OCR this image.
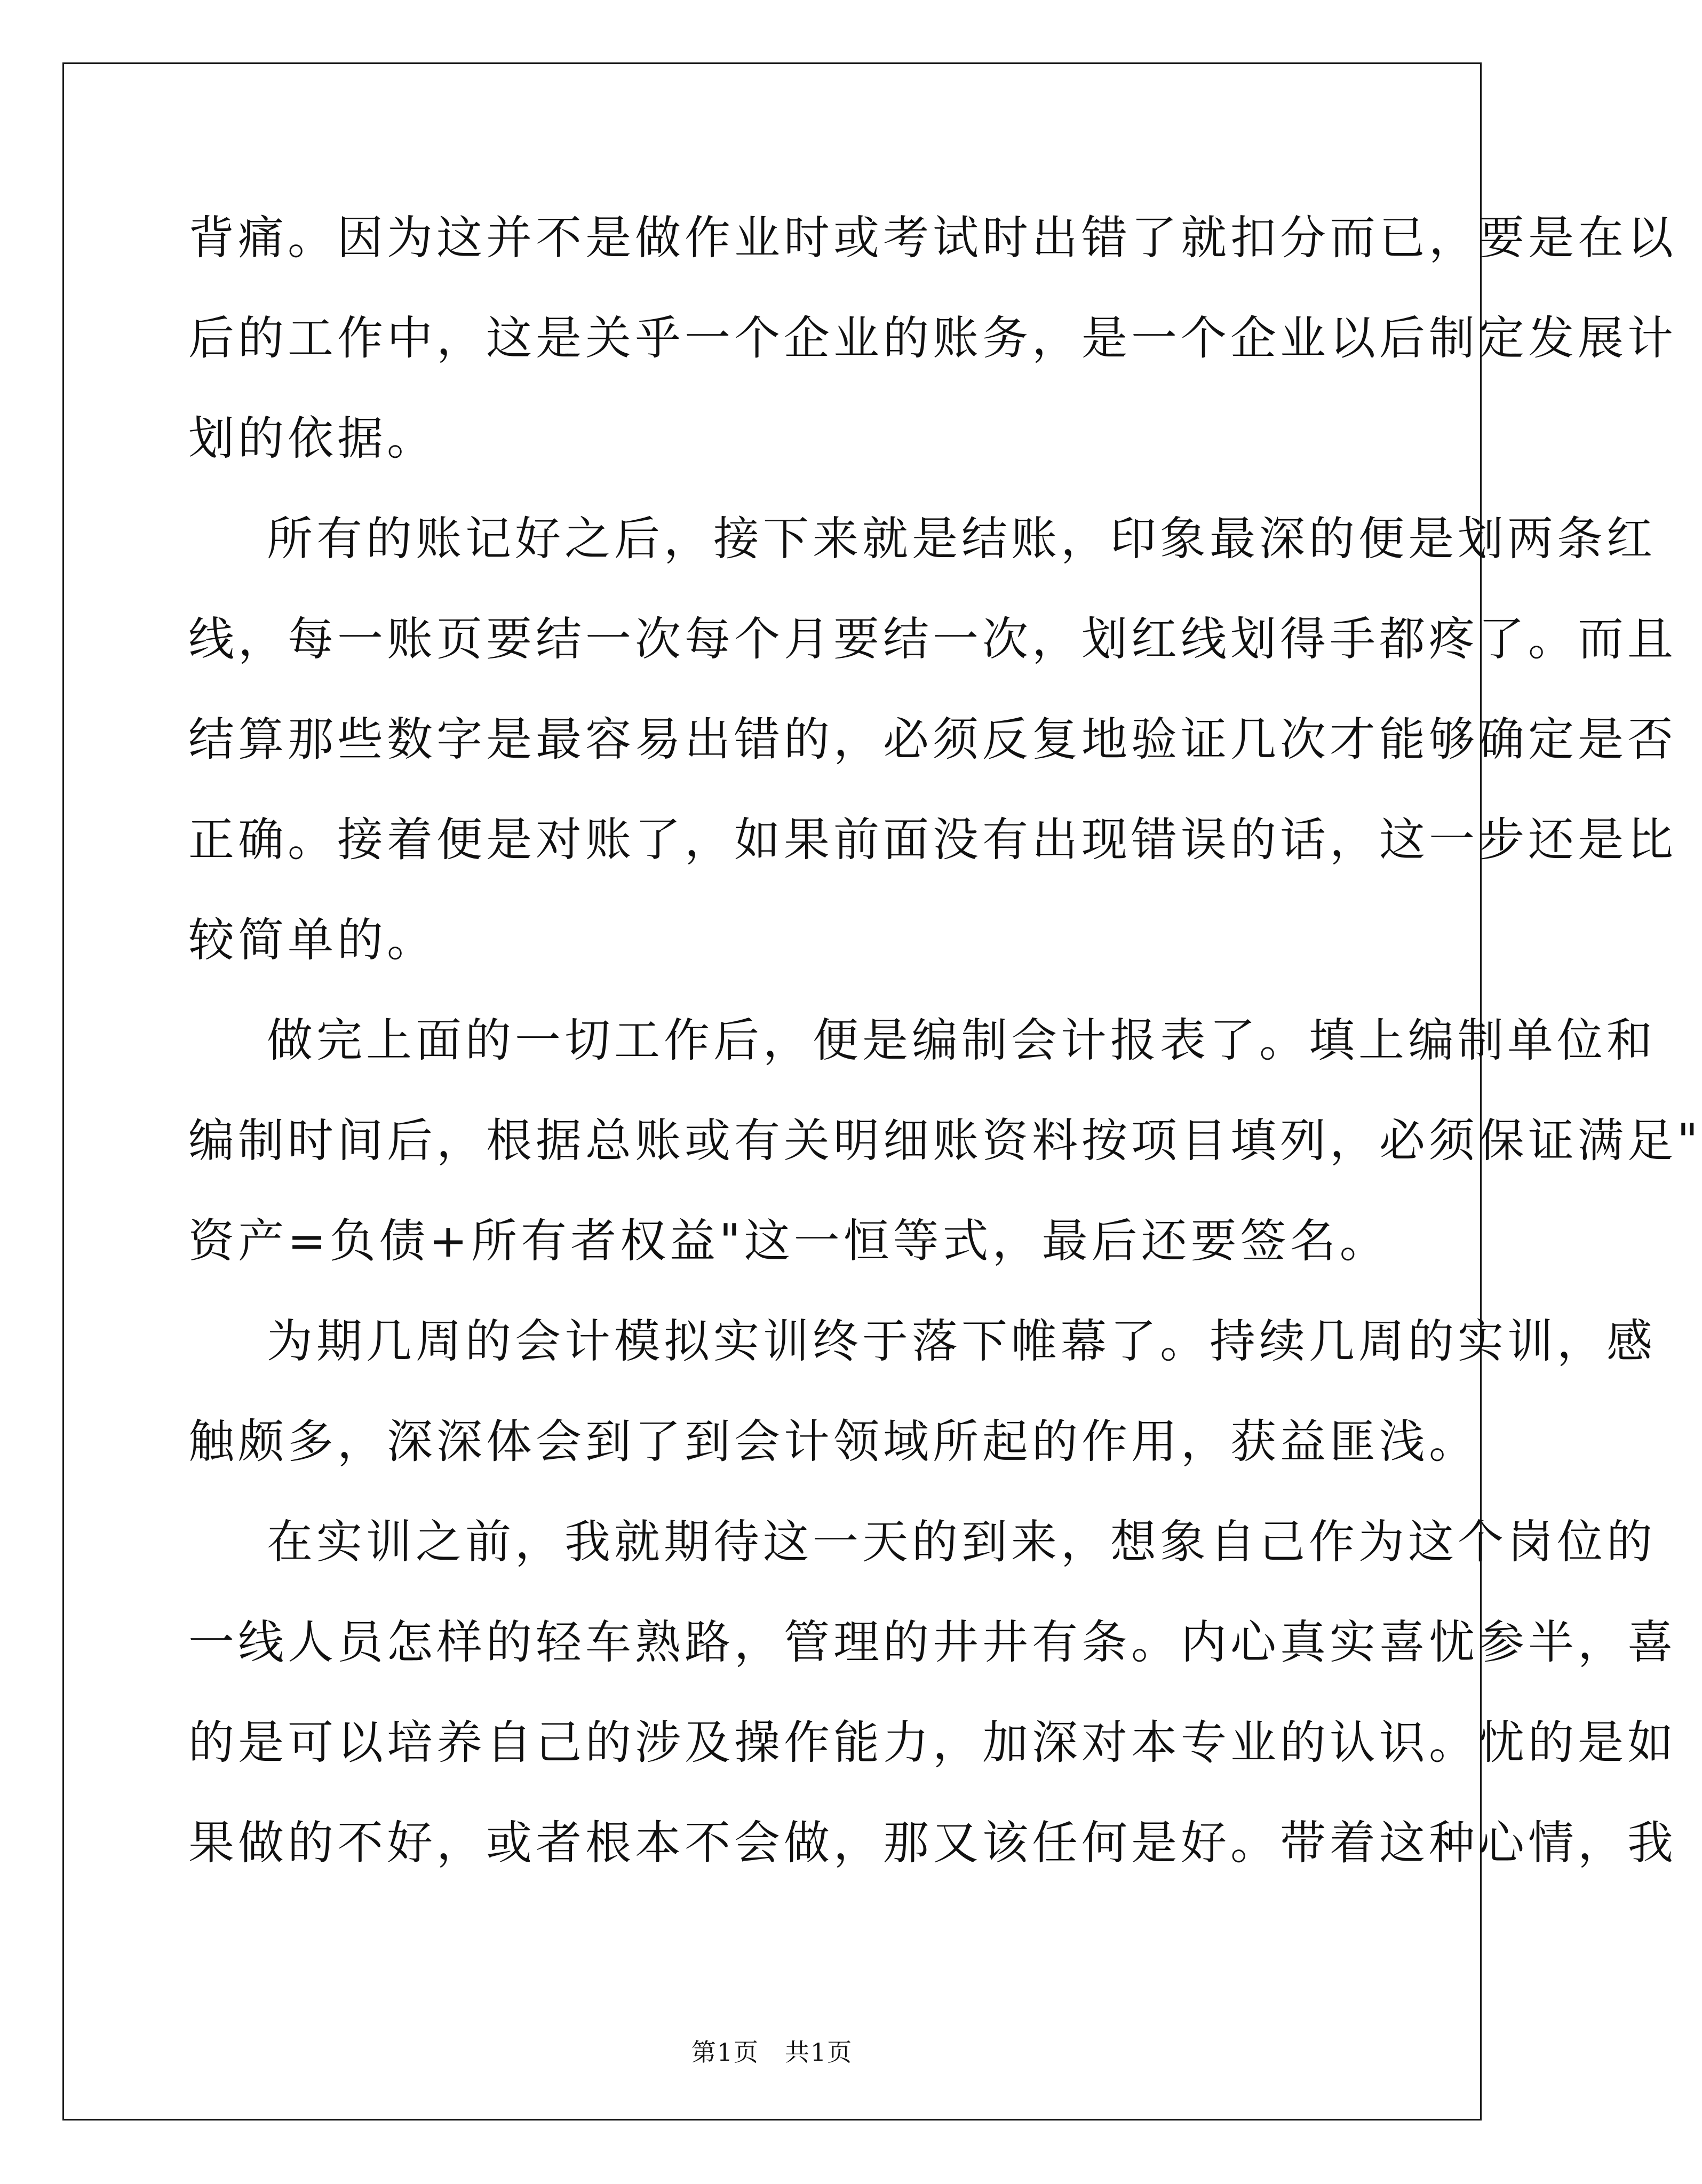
背痛。因为这并不是做作业时或考试时出错了就扣分而已，要是在以
后的工作中，这是关乎一个企业的账务，是一个企业以后制定发展计
划的依据。
所有的账记好之后，接下来就是结账，印象最深的便是划两条红
线，每一账页要结一次每个月要结一次，划红线划得手都疼了。而且
结算那些数字是最容易出错的，必须反复地验证几次才能够确定是否
正确。接着便是对账了，如果前面没有出现错误的话，这一步还是比
较简单的。
做完上面的一切工作后，便是编制会计报表了。填上编制单位和
编制时间后，根据总账或有关明细账资料按项目填列，必须保证满足"
资产=负债+所有者权益"这一恒等式，最后还要签名。
为期几周的会计模拟实训终于落下帷幕了。持续几周的实训，感
触颇多，深深体会到了到会计领域所起的作用，获益匪浅。
在实训之前，我就期待这一天的到来，想象自己作为这个岗位的
一线人员怎样的轻车熟路，管理的井井有条。内心真实喜忧参半，喜
的是可以培养自己的涉及操作能力，加深对本专业的认识。忧的是如
果做的不好，或者根本不会做，那又该任何是好。带着这种心情，我
第1页　共1页
